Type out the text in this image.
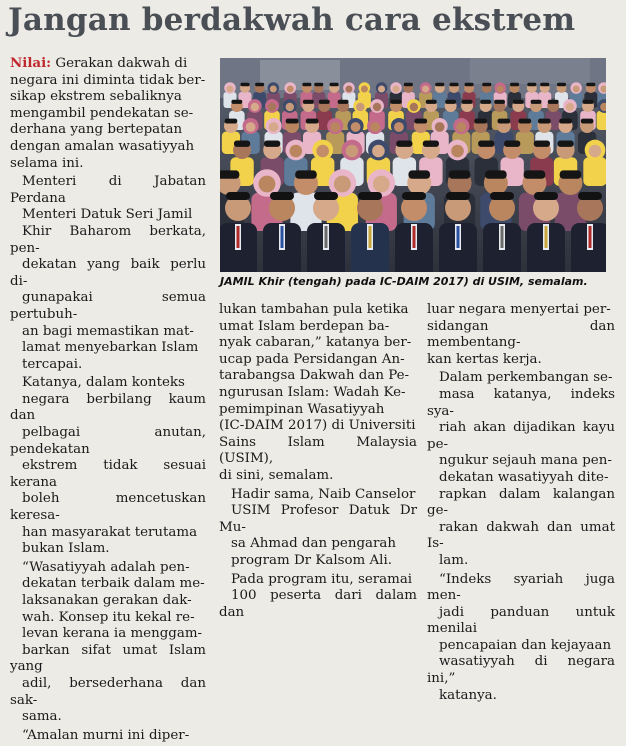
Jangan berdakwah cara ekstrem

Nilai: Gerakan dakwah di
negara ini diminta tidak ber-
sikap ekstrem sebaliknya
mengambil pendekatan se-
derhana yang bertepatan
dengan amalan wasatiyyah
selama ini.

Menteri di Jabatan Perdana
Menteri Datuk Seri Jamil
Khir Baharom berkata, pen-
dekatan yang baik perlu di-
gunapakai semua pertubuh-
an bagi memastikan mat-
lamat menyebarkan Islam
tercapai.

Katanya, dalam konteks
negara berbilang kaum dan
pelbagai anutan, pendekatan
ekstrem tidak sesuai kerana
boleh mencetuskan keresa-
han masyarakat terutama
bukan Islam.

“Wasatiyyah adalah pen-
dekatan terbaik dalam me-
laksanakan gerakan dak-
wah. Konsep itu kekal re-
levan kerana ia menggam-
barkan sifat umat Islam yang
adil, bersederhana dan sak-
sama.

“Amalan murni ini diper-

JAMIL Khir (tengah) pada IC-DAIM 2017) di USIM, semalam.

lukan tambahan pula ketika
umat Islam berdepan ba-
nyak cabaran,” katanya ber-
ucap pada Persidangan An-
tarabangsa Dakwah dan Pe-
ngurusan Islam: Wadah Ke-
pemimpinan Wasatiyyah
(IC-DAIM 2017) di Universiti
Sains Islam Malaysia (USIM),
di sini, semalam.

Hadir sama, Naib Canselor
USIM Profesor Datuk Dr Mu-
sa Ahmad dan pengarah
program Dr Kalsom Ali.

Pada program itu, seramai
100 peserta dari dalam dan

luar negara menyertai per-
sidangan dan membentang-
kan kertas kerja.

Dalam perkembangan se-
masa katanya, indeks sya-
riah akan dijadikan kayu pe-
ngukur sejauh mana pen-
dekatan wasatiyyah dite-
rapkan dalam kalangan ge-
rakan dakwah dan umat Is-
lam.

“Indeks syariah juga men-
jadi panduan untuk menilai
pencapaian dan kejayaan
wasatiyyah di negara ini,”
katanya.
